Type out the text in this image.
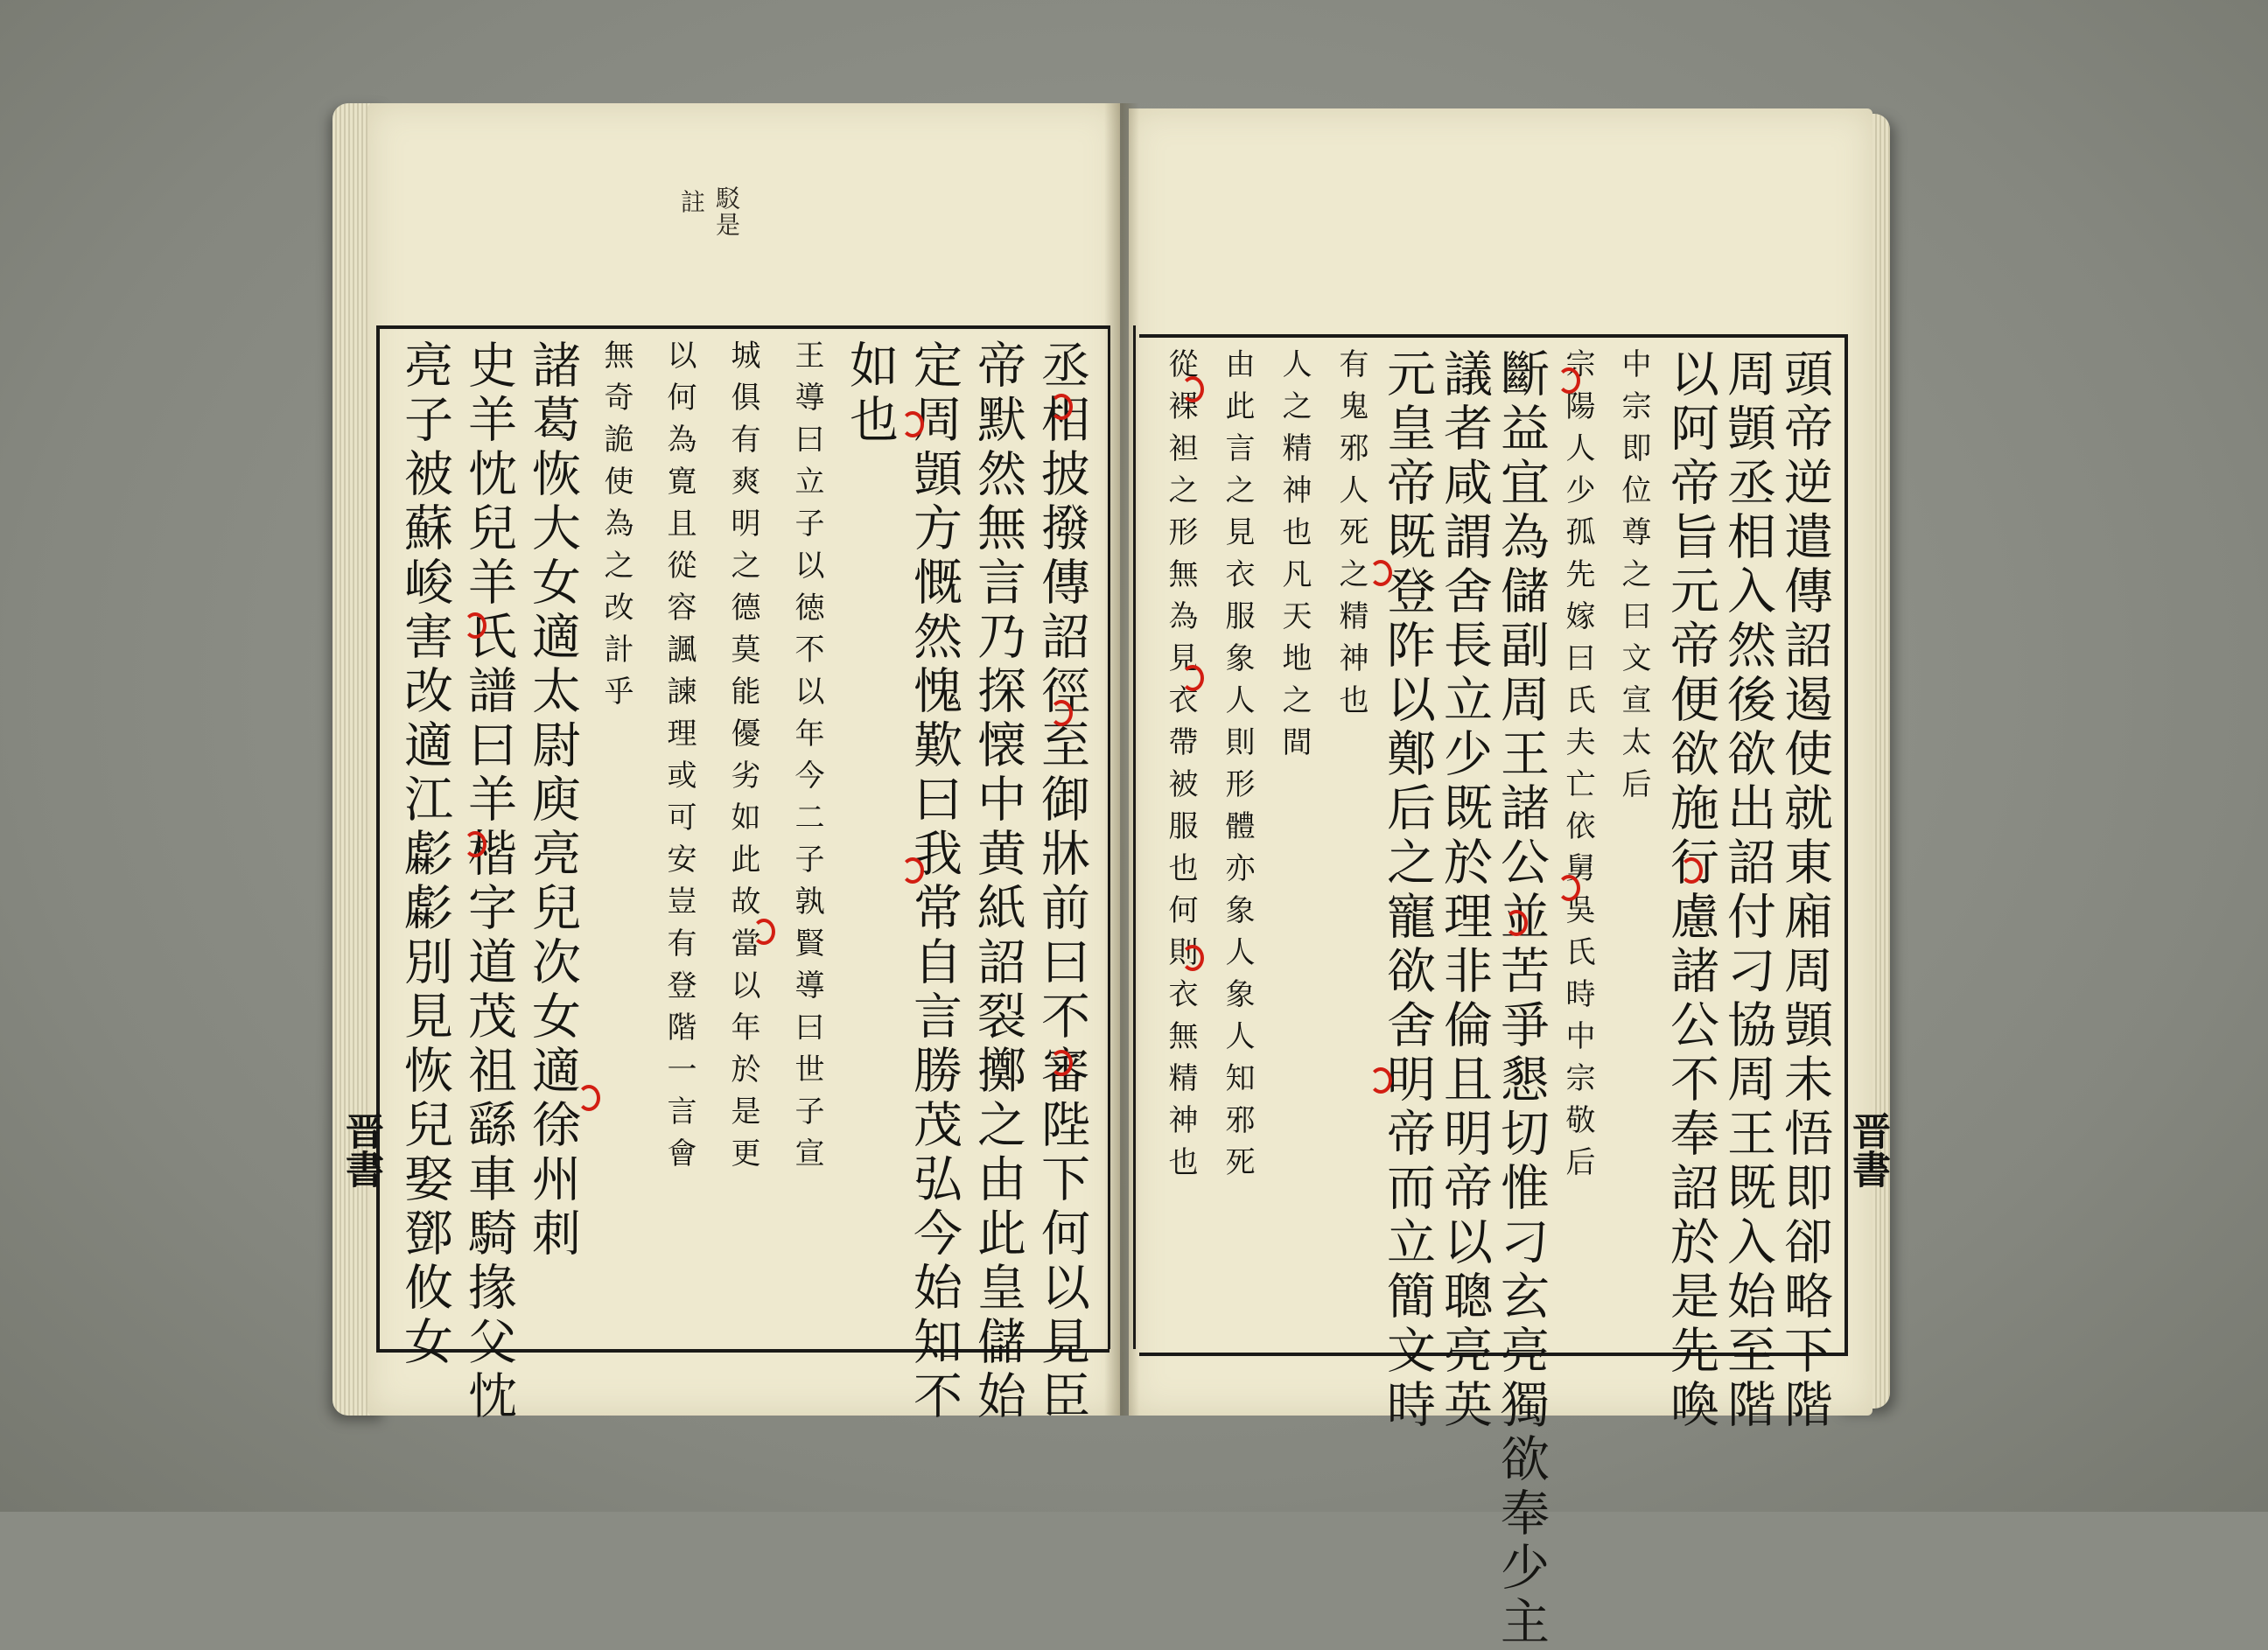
註 駁是
晋書	晋書
丞相披撥傳詔徑至御牀前曰不審陛下何以見臣
帝默然無言乃探懐中黄紙詔裂擲之由此皇儲始
定周顗方慨然愧歎曰我常自言勝茂弘今始知不
如也
王導曰立子以徳不以年今二子孰賢導曰世子宣
城俱有爽明之德莫能優劣如此故當以年於是更
以何為寛且從容諷諫理或可安豈有登階一言會
無奇詭使為之改計乎
諸葛恢大女適太尉庾亮兒次女適徐州刺
史羊忱兒羊氏譜曰羊楷字道茂祖繇車騎掾父忱
亮子被蘇峻害改適江虨虨別見恢兒娶鄧攸女	頭帝逆遣傳詔遏使就東廂周顗未悟即卻略下階
周顗丞相入然後欲出詔付刁協周王既入始至階
以阿帝旨元帝便欲施行慮諸公不奉詔於是先喚
中宗即位尊之曰文宣太后
宗陽人少孤先嫁曰氏夫亡依舅吳氏時中宗敬后
斷益宜為儲副周王諸公並苦爭懇切惟刁玄亮獨欲奉少主
議者咸謂舍長立少既於理非倫且明帝以聰亮英
元皇帝既登阼以鄭后之寵欲舍明帝而立簡文時
有鬼邪人死之精神也
人之精神也凡天地之間
由此言之見衣服象人則形體亦象人象人知邪死
從裸袒之形無為見衣帶被服也何則衣無精神也
